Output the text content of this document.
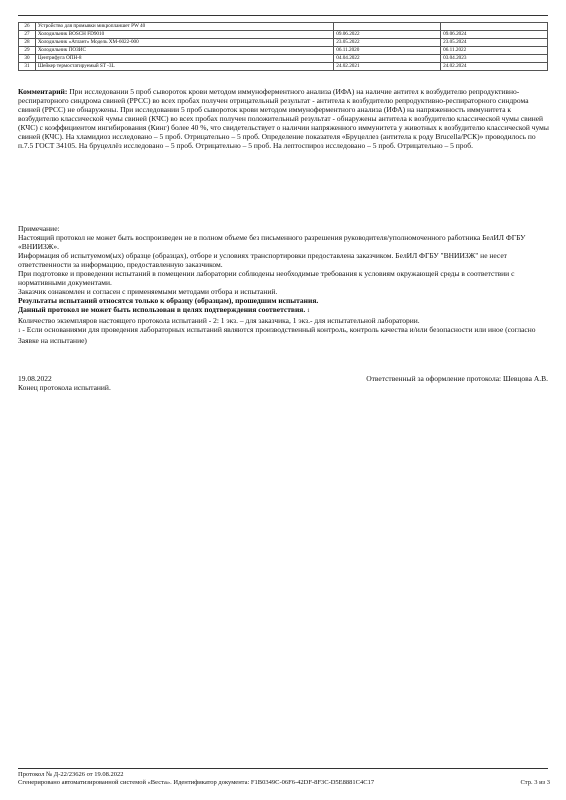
26	Устройство для промывки микропланшет PW 40		
27	Холодильник BOSCH FD9010	09.06.2022	09.06.2024
28	Холодильник «Атлант» Модель ХМ-6022-000	23.05.2022	23.05.2024
29	Холодильник ПОЗИС	06.11.2020	06.11.2022
30	Центрифуга ОПН-8	04.04.2022	03.04.2023
31	Шейкер термостатируемый ST -3L	24.02.2021	24.02.2024
Комментарий: При исследовании 5 проб сывороток крови методом иммуноферментного анализа (ИФА) на наличие антител к возбудителю репродуктивно-респираторного синдрома свиней (РРСС) во всех пробах получен отрицательный результат - антитела к возбудителю репродуктивно-респираторного синдрома свиней (РРСС) не обнаружены. При исследовании 5 проб сывороток крови методом иммуноферментного анализа (ИФА) на напряженность иммунитета к возбудителю классической чумы свиней (КЧС) во всех пробах получен положительный результат - обнаружены антитела к возбудителю классической чумы свиней (КЧС) с коэффициентом ингибирования (Кинг) более 40 %, что свидетельствует о наличии напряженного иммунитета у животных к возбудителю классической чумы свиней (КЧС). На хламидиоз исследовано – 5 проб. Отрицательно – 5 проб. Определение показателя «Бруцеллез (антитела к роду Brucella/РСК)» проводилось по п.7.5 ГОСТ 34105. На бруцеллёз исследовано – 5 проб. Отрицательно – 5 проб. На лептоспироз исследовано – 5 проб. Отрицательно – 5 проб.

Примечание:

Настоящий протокол не может быть воспроизведен не в полном объеме без письменного разрешения руководителя/уполномоченного работника БелИЛ ФГБУ «ВНИИЗЖ».

Информация об испытуемом(ых) образце (образцах), отборе и условиях транспортировки предоставлена заказчиком. БелИЛ ФГБУ "ВНИИЗЖ" не несет ответственности за информацию, предоставленную заказчиком.

При подготовке и проведении испытаний в помещении лаборатории соблюдены необходимые требования к условиям окружающей среды в соответствии с нормативными документами.

Заказчик ознакомлен и согласен с применяемыми методами отбора и испытаний.

Результаты испытаний относятся только к образцу (образцам), прошедшим испытания.

Данный протокол не может быть использован в целях подтверждения соответствия. 1

Количество экземпляров настоящего протокола испытаний - 2: 1 экз. – для заказчика, 1 экз.- для испытательной лаборатории.

1 - Если основаниями для проведения лабораторных испытаний являются производственный контроль, контроль качества и/или безопасности или иное (согласно Заявке на испытание)

19.08.2022
Конец протокола испытаний.
Ответственный за оформление протокола: Шевцова А.В.
Протокол № Д-22/23626 от 19.08.2022
Сгенерировано автоматизированной системой «Веста». Идентификатор документа: F1B0349C-06F6-42DF-8F3C-D5E8881C4C17	Стр. 3 из 3
